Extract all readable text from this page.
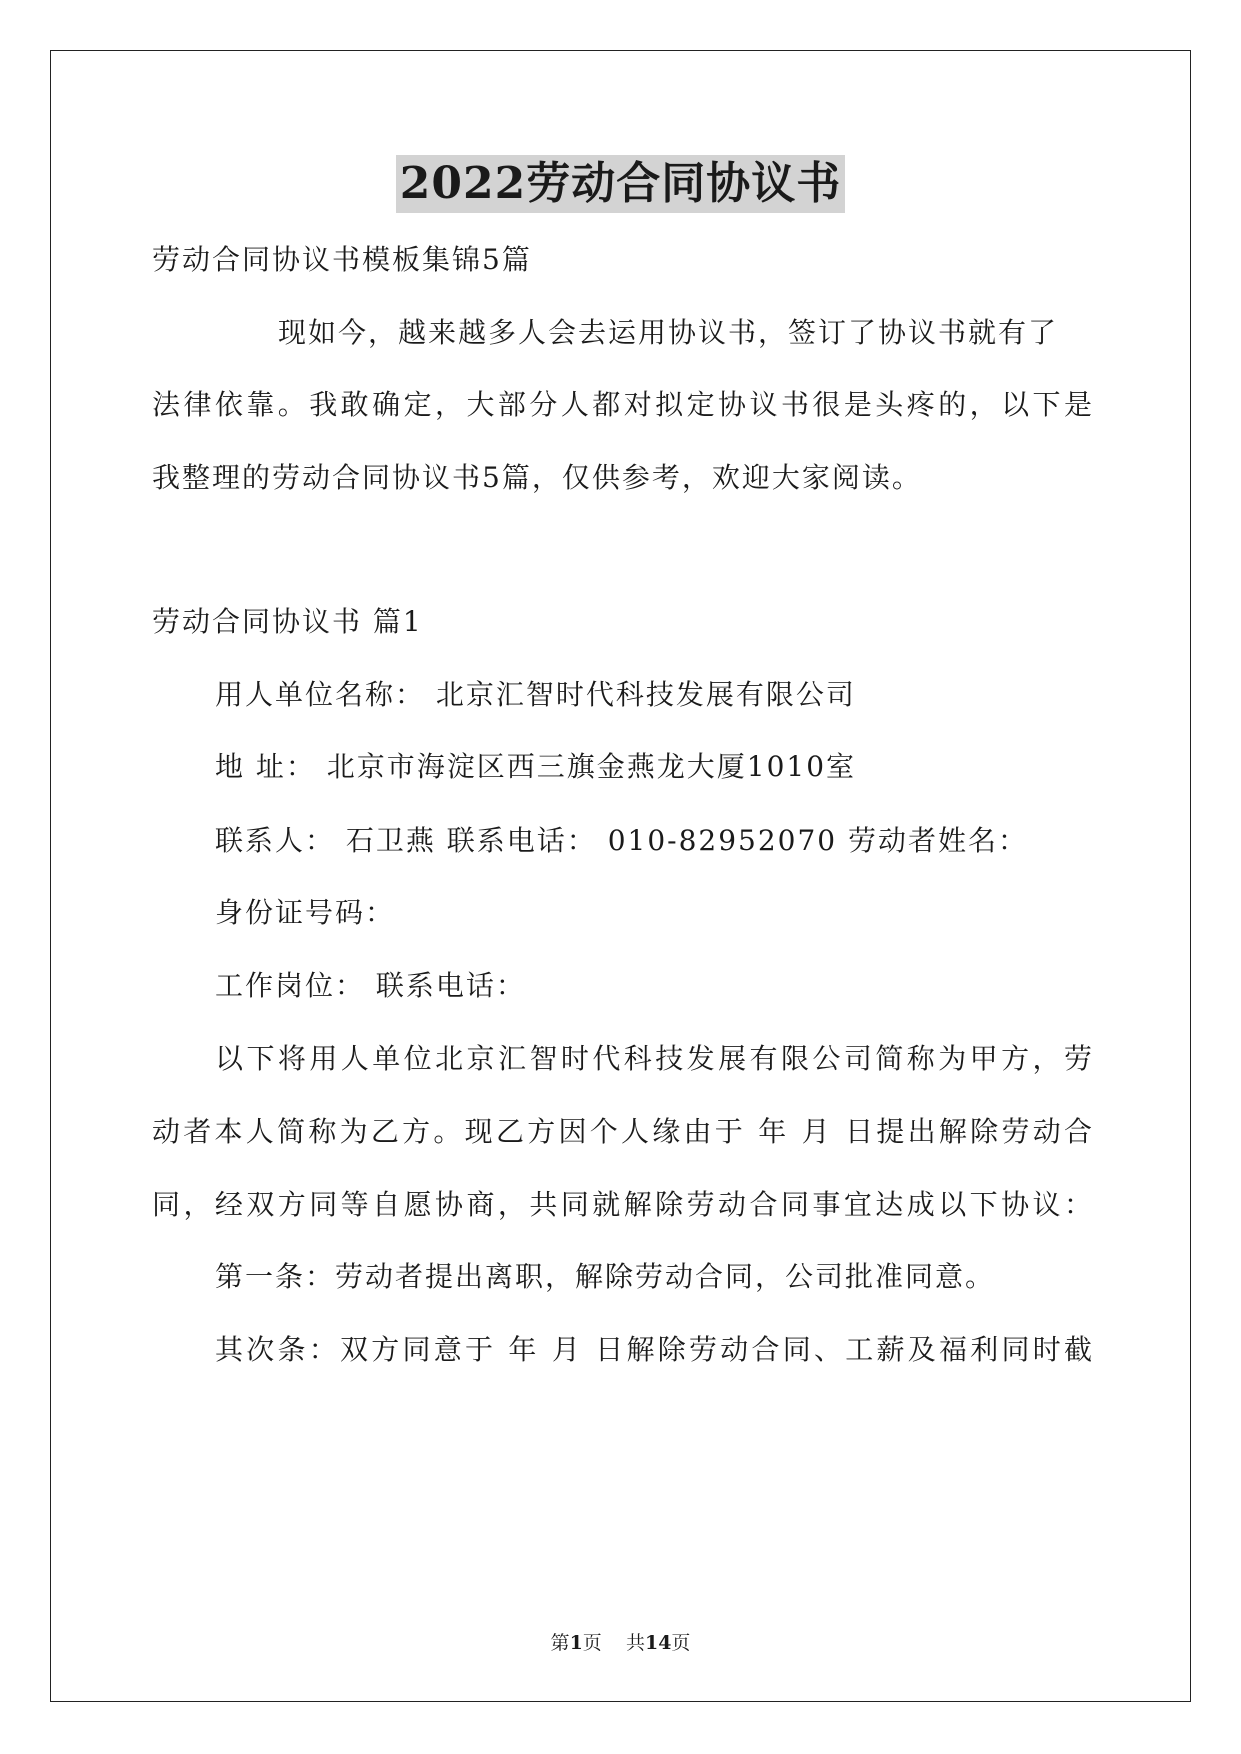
2022劳动合同协议书
劳动合同协议书模板集锦5篇
现如今，越来越多人会去运用协议书，签订了协议书就有了
法律依靠。我敢确定，大部分人都对拟定协议书很是头疼的，以下是
我整理的劳动合同协议书5篇，仅供参考，欢迎大家阅读。
劳动合同协议书 篇1
用人单位名称： 北京汇智时代科技发展有限公司
地 址： 北京市海淀区西三旗金燕龙大厦1010室
联系人： 石卫燕 联系电话： 010-82952070 劳动者姓名：
身份证号码：
工作岗位： 联系电话：
以下将用人单位北京汇智时代科技发展有限公司简称为甲方，劳
动者本人简称为乙方。现乙方因个人缘由于 年 月 日提出解除劳动合
同，经双方同等自愿协商，共同就解除劳动合同事宜达成以下协议：
第一条：劳动者提出离职，解除劳动合同，公司批准同意。
其次条：双方同意于 年 月 日解除劳动合同、工薪及福利同时截
第1页    共14页
